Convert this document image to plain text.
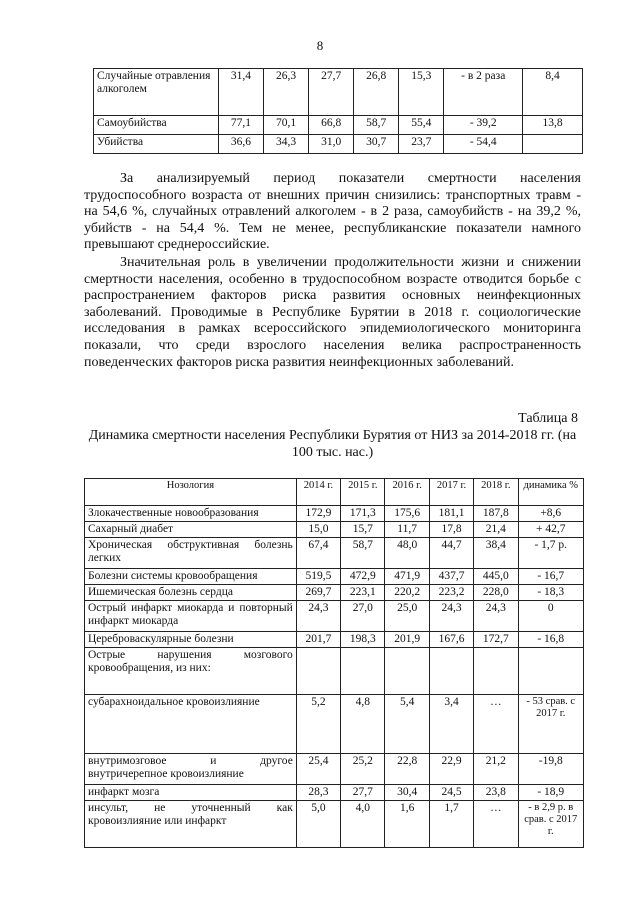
8
Случайные отравления алкоголем	31,4	26,3	27,7	26,8	15,3	- в 2 раза	8,4
Самоубийства	77,1	70,1	66,8	58,7	55,4	- 39,2	13,8
Убийства	36,6	34,3	31,0	30,7	23,7	- 54,4	

За анализируемый период показатели смертности населения трудоспособного возраста от внешних причин снизились: транспортных травм - на 54,6 %, случайных отравлений алкоголем - в 2 раза, самоубийств - на 39,2 %, убийств - на 54,4 %. Тем не менее, республиканские показатели намного превышают среднероссийские.

Значительная роль в увеличении продолжительности жизни и снижении смертности населения, особенно в трудоспособном возрасте отводится борьбе с распространением факторов риска развития основных неинфекционных заболеваний. Проводимые в Республике Бурятии в 2018 г. социологические исследования в рамках всероссийского эпидемиологического мониторинга показали, что среди взрослого населения велика распространенность поведенческих факторов риска развития неинфекционных заболеваний.

Таблица 8
Динамика смертности населения Республики Бурятия от НИЗ за 2014-2018 гг. (на 100 тыс. нас.)
Нозология	2014 г.	2015 г.	2016 г.	2017 г.	2018 г.	динамика %
Злокачественные новообразования	172,9	171,3	175,6	181,1	187,8	+8,6
Сахарный диабет	15,0	15,7	11,7	17,8	21,4	+ 42,7
Хроническая обструктивная болезнь легких	67,4	58,7	48,0	44,7	38,4	- 1,7 р.
Болезни системы кровообращения	519,5	472,9	471,9	437,7	445,0	- 16,7
Ишемическая болезнь сердца	269,7	223,1	220,2	223,2	228,0	- 18,3
Острый инфаркт миокарда и повторный инфаркт миокарда	24,3	27,0	25,0	24,3	24,3	0
Цереброваскулярные болезни	201,7	198,3	201,9	167,6	172,7	- 16,8
Острые нарушения мозгового кровообращения, из них:						
субарахноидальное кровоизлияние	5,2	4,8	5,4	3,4	…	- 53 срав. с 2017 г.
внутримозговое и другое внутричерепное кровоизлияние	25,4	25,2	22,8	22,9	21,2	-19,8
инфаркт мозга	28,3	27,7	30,4	24,5	23,8	- 18,9
инсульт, не уточненный как кровоизлияние или инфаркт	5,0	4,0	1,6	1,7	…	- в 2,9 р. в срав. с 2017 г.
